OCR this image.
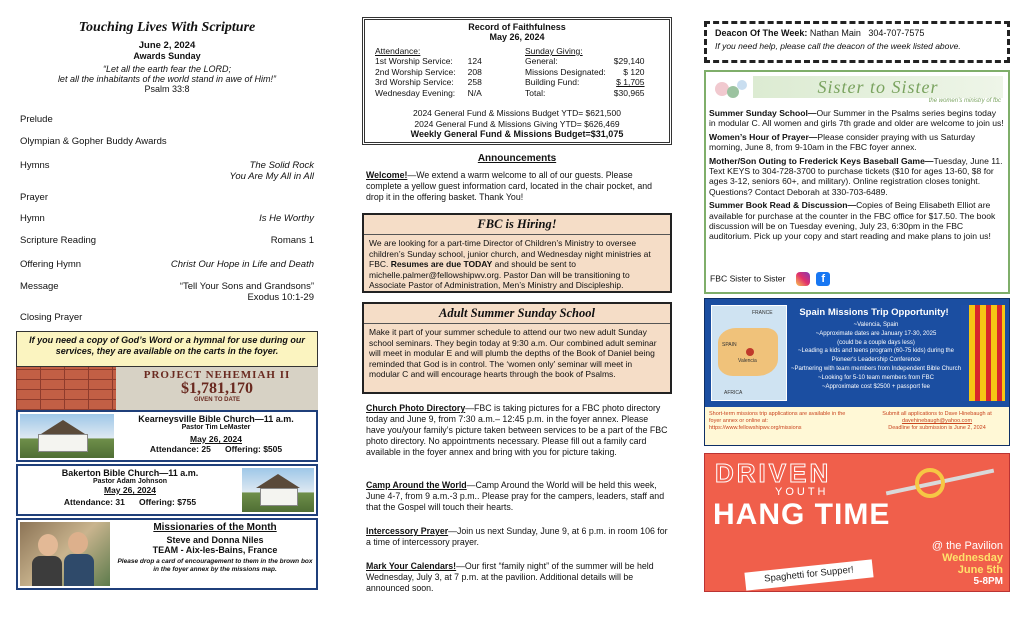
Touching Lives With Scripture
June 2, 2024
Awards Sunday
“Let all the earth fear the LORD;
let all the inhabitants of the world stand in awe of Him!”
Psalm 33:8
Prelude
Olympian & Gopher Buddy Awards
Hymns	The Solid Rock
You Are My All in All
Prayer
Hymn	Is He Worthy
Scripture Reading	Romans 1
Offering Hymn	Christ Our Hope in Life and Death
Message	“Tell Your Sons and Grandsons”
Exodus 10:1-29
Closing Prayer
If you need a copy of God’s Word or a hymnal for use during our services, they are available on the carts in the foyer.
PROJECT NEHEMIAH II
$1,781,170
GIVEN TO DATE
Kearneysville Bible Church—11 a.m.
Pastor Tim LeMaster
May 26, 2024
Attendance: 25      Offering: $505
Bakerton Bible Church—11 a.m.
Pastor Adam Johnson
May 26, 2024
Attendance: 31      Offering: $755
Missionaries of the Month
Steve and Donna Niles
TEAM - Aix-les-Bains, France
Please drop a card of encouragement to them in the brown box in the foyer annex by the missions map.
Record of Faithfulness
May 26, 2024
Attendance:	
1st Worship Service:	124
2nd Worship Service:	208
3rd Worship Service:	258
Wednesday Evening:	N/A
Sunday Giving:	
General:	$29,140
Missions Designated:	$ 120
Building Fund:	$ 1,705
Total:	$30,965
2024 General Fund & Missions Budget YTD= $621,500
2024 General Fund & Missions Giving YTD= $626,469
Weekly General Fund & Missions Budget=$31,075
Announcements
Welcome!—We extend a warm welcome to all of our guests. Please complete a yellow guest information card, located in the chair pocket, and drop it in the offering basket. Thank You!
FBC is Hiring!
We are looking for a part-time Director of Children’s Ministry to oversee children’s Sunday school, junior church, and Wednesday night ministries at FBC. Resumes are due TODAY and should be sent to michelle.palmer@fellowshipwv.org. Pastor Dan will be transitioning to Associate Pastor of Administration, Men’s Ministry and Discipleship.
Adult Summer Sunday School
Make it part of your summer schedule to attend our two new adult Sunday school seminars. They begin today at 9:30 a.m. Our combined adult seminar will meet in modular E and will plumb the depths of the Book of Daniel being reminded that God is in control. The ‘women only’ seminar will meet in modular C and will encourage hearts through the book of Psalms.
Church Photo Directory—FBC is taking pictures for a FBC photo directory today and June 9, from 7:30 a.m.– 12:45 p.m. in the foyer annex. Please have you/your family’s picture taken between services to be a part of the FBC photo directory. No appointments necessary. Please fill out a family card available in the foyer annex and bring with you for picture taking.
Camp Around the World—Camp Around the World will be held this week, June 4-7, from 9 a.m.-3 p.m.. Please pray for the campers, leaders, staff and that the Gospel will touch their hearts.
Intercessory Prayer—Join us next Sunday, June 9, at 6 p.m. in room 106 for a time of intercessory prayer.
Mark Your Calendars!—Our first “family night” of the summer will be held Wednesday, July 3, at 7 p.m. at the pavilion. Additional details will be announced soon.
Deacon Of The Week: Nathan Main   304-707-7575
If you need help, please call the deacon of the week listed above.
Sister to Sister
the women’s ministry of fbc

Summer Sunday School—Our Summer in the Psalms series begins today in modular C. All women and girls 7th grade and older are welcome to join us!

Women’s Hour of Prayer—Please consider praying with us Saturday morning, June 8, from 9-10am in the FBC foyer annex.

Mother/Son Outing to Frederick Keys Baseball Game—Tuesday, June 11. Text KEYS to 304-728-3700 to purchase tickets ($10 for ages 13-60, $8 for ages 3-12, seniors 60+, and military). Online registration closes tonight. Questions? Contact Deborah at 330-703-6489.

Summer Book Read & Discussion—Copies of Being Elisabeth Elliot are available for purchase at the counter in the FBC office for $17.50. The book discussion will be on Tuesday evening, July 23, 6:30pm in the FBC auditorium. Pick up your copy and start reading and make plans to join us!

FBC Sister to Sister	f
FRANCE
Valencia
SPAIN
AFRICA
Spain Missions Trip Opportunity!
~Valencia, Spain
~Approximate dates are January 17-30, 2025
(could be a couple days less)
~Leading a kids and teens program (60-75 kids) during the
Pioneer's Leadership Conference
~Partnering with team members from Independent Bible Church
~Looking for 5-10 team members from FBC
~Approximate cost $2500 + passport fee
Short-term missions trip applications are available in the foyer annex or online at: https://www.fellowshipwv.org/missions
Submit all applications to Dave Hinebaugh at
davehinebaugh@yahoo.com
Deadline for submission is June 2, 2024
DRIVEN
YOUTH
HANG TIME
@ the Pavilion
Wednesday
June 5th
5-8PM
Spaghetti for Supper!
